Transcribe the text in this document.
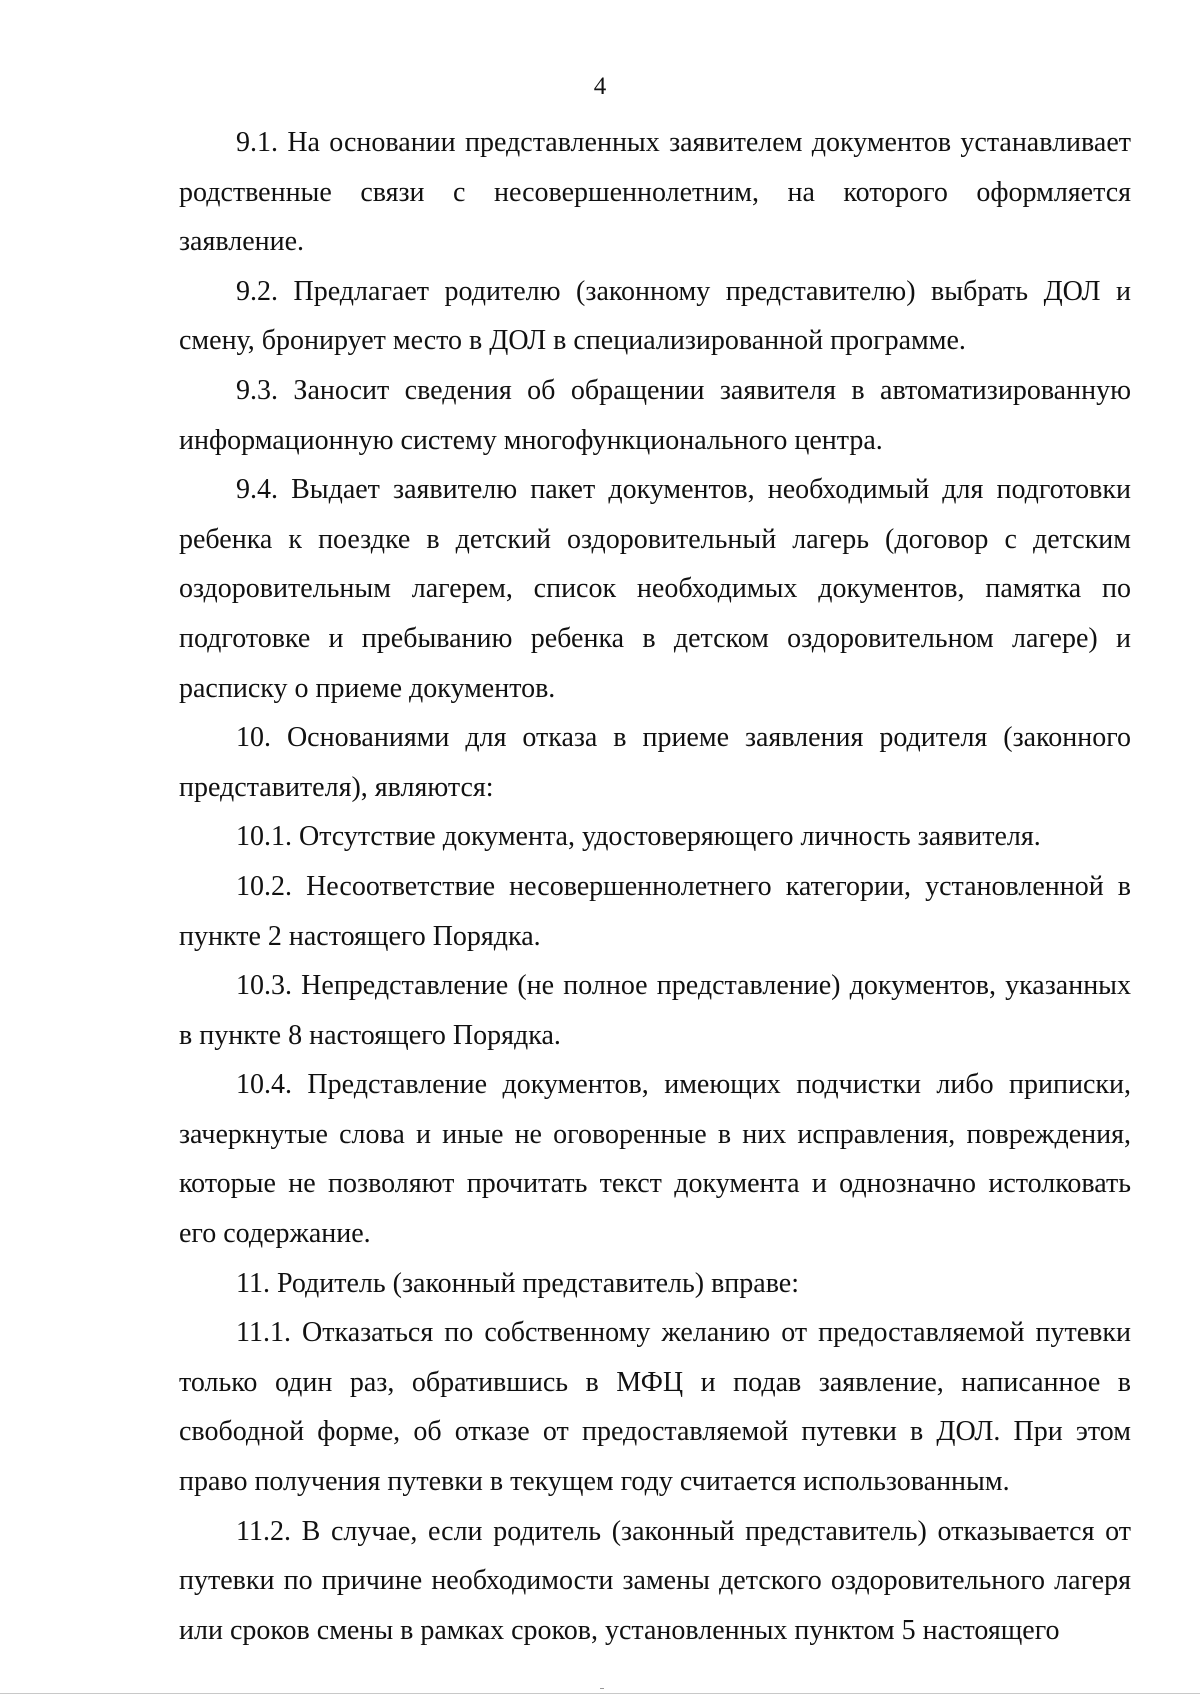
4

9.1. На основании представленных заявителем документов устанавливает родственные связи с несовершеннолетним, на которого оформляется заявление.

9.2. Предлагает родителю (законному представителю) выбрать ДОЛ и смену, бронирует место в ДОЛ в специализированной программе.

9.3. Заносит сведения об обращении заявителя в автоматизированную информационную систему многофункционального центра.

9.4. Выдает заявителю пакет документов, необходимый для подготовки ребенка к поездке в детский оздоровительный лагерь (договор с детским оздоровительным лагерем, список необходимых документов, памятка по подготовке и пребыванию ребенка в детском оздоровительном лагере) и расписку о приеме документов.

10. Основаниями для отказа в приеме заявления родителя (законного представителя), являются:

10.1. Отсутствие документа, удостоверяющего личность заявителя.

10.2. Несоответствие несовершеннолетнего категории, установленной в пункте 2 настоящего Порядка.

10.3. Непредставление (не полное представление) документов, указанных в пункте 8 настоящего Порядка.

10.4. Представление документов, имеющих подчистки либо приписки, зачеркнутые слова и иные не оговоренные в них исправления, повреждения, которые не позволяют прочитать текст документа и однозначно истолковать его содержание.

11. Родитель (законный представитель) вправе:

11.1. Отказаться по собственному желанию от предоставляемой путевки только один раз, обратившись в МФЦ и подав заявление, написанное в свободной форме, об отказе от предоставляемой путевки в ДОЛ. При этом право получения путевки в текущем году считается использованным.

11.2. В случае, если родитель (законный представитель) отказывается от путевки по причине необходимости замены детского оздоровительного лагеря или сроков смены в рамках сроков, установленных пунктом 5 настоящего
